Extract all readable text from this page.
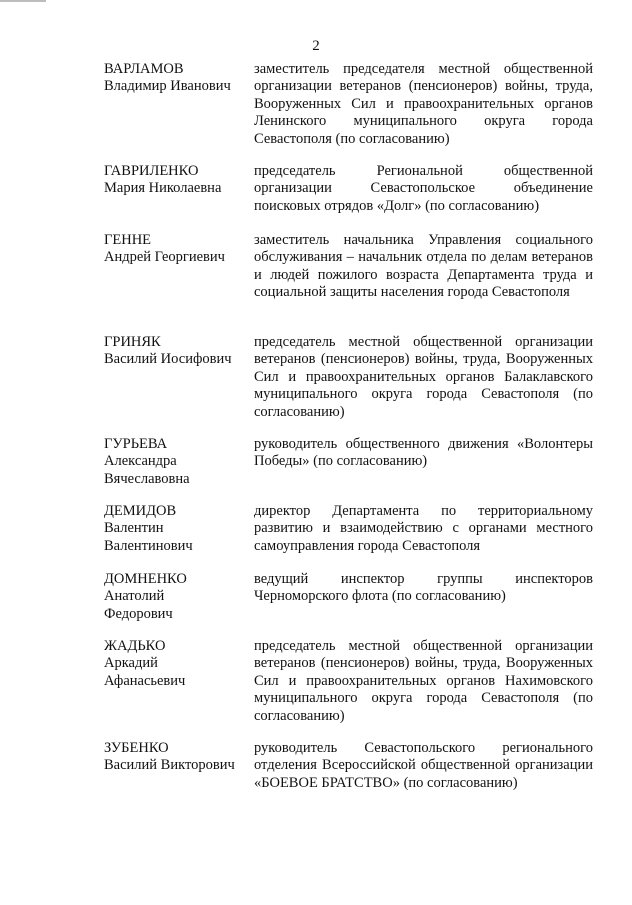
2
ВАРЛАМОВ
Владимир Иванович
заместитель председателя местной общественной организации ветеранов (пенсионеров) войны, труда, Вооруженных Сил и правоохранительных органов Ленинского муниципального округа города Севастополя (по согласованию)
ГАВРИЛЕНКО
Мария Николаевна
председатель Региональной общественной организации Севастопольское объединение поисковых отрядов «Долг» (по согласованию)
ГЕННЕ
Андрей Георгиевич
заместитель начальника Управления социального обслуживания – начальник отдела по делам ветеранов и людей пожилого возраста Департамента труда и социальной защиты населения города Севастополя
ГРИНЯК
Василий Иосифович
председатель местной общественной организации ветеранов (пенсионеров) войны, труда, Вооруженных Сил и правоохранительных органов Балаклавского муниципального округа города Севастополя (по согласованию)
ГУРЬЕВА
Александра
Вячеславовна
руководитель общественного движения «Волонтеры Победы» (по согласованию)
ДЕМИДОВ
Валентин
Валентинович
директор Департамента по территориальному развитию и взаимодействию с органами местного самоуправления города Севастополя
ДОМНЕНКО
Анатолий
Федорович
ведущий инспектор группы инспекторов Черноморского флота (по согласованию)
ЖАДЬКО
Аркадий
Афанасьевич
председатель местной общественной организации ветеранов (пенсионеров) войны, труда, Вооруженных Сил и правоохранительных органов Нахимовского муниципального округа города Севастополя (по согласованию)
ЗУБЕНКО
Василий Викторович
руководитель Севастопольского регионального отделения Всероссийской общественной организации «БОЕВОЕ БРАТСТВО» (по согласованию)
